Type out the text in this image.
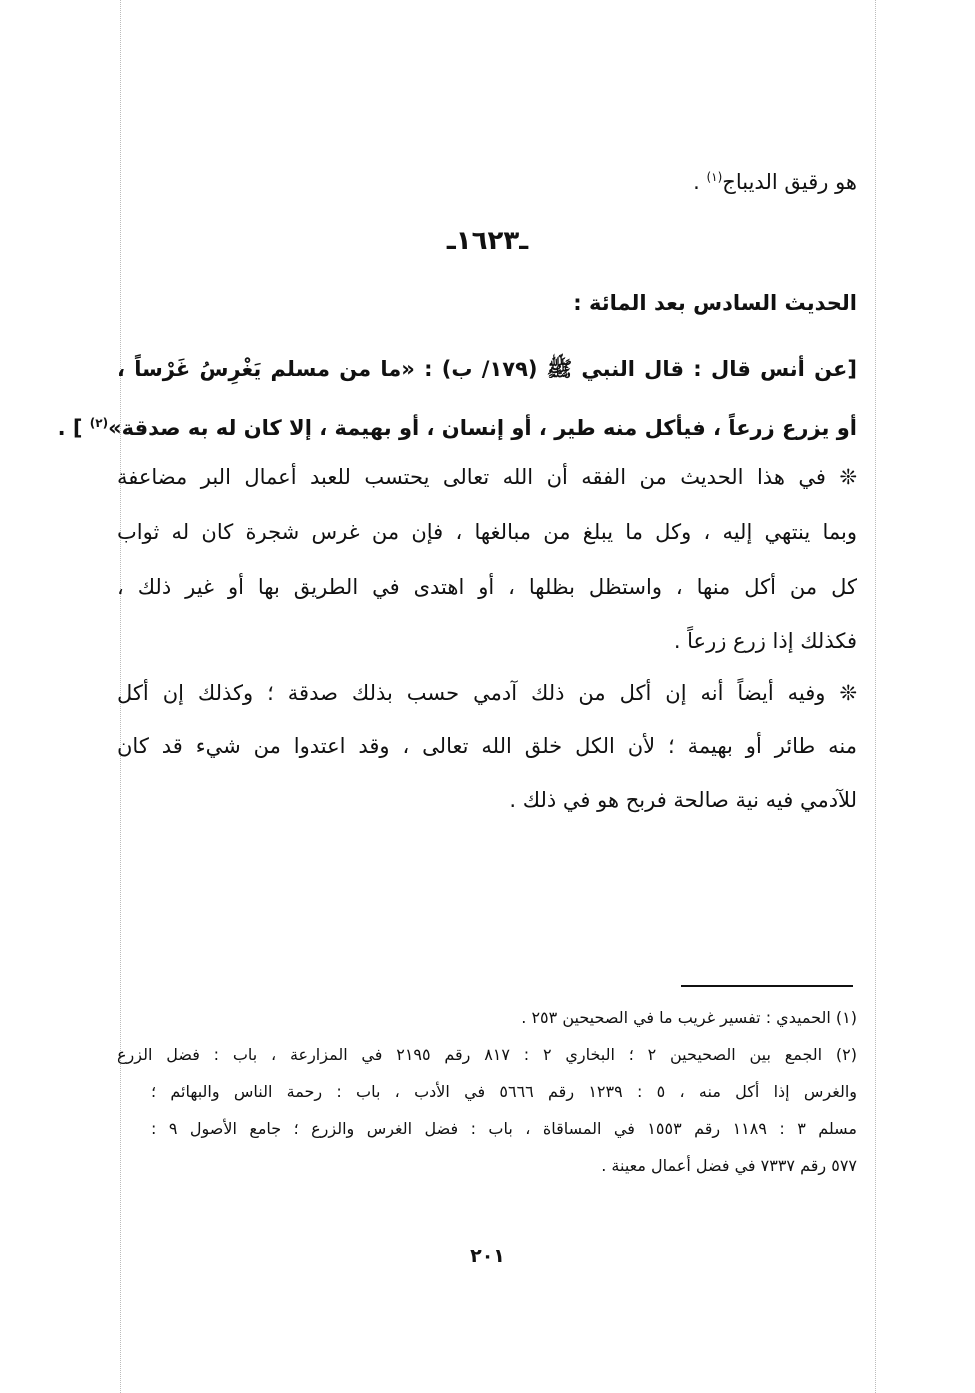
هو رقيق الديباج$^{(١)}$ .
ـ١٦٢٣ـ
الحديث السادس بعد المائة :
[عن أنس قال : قال النبي ﷺ (١٧٩/ ب) : «ما من مسلم يَغْرِسُ غَرْساً ،
أو يزرع زرعاً ، فيأكل منه طير ، أو إنسان ، أو بهيمة ، إلا كان له به صدقة»$^{(٢)}$ ] .
❊ في هذا الحديث من الفقه أن الله تعالى يحتسب للعبد أعمال البر مضاعفة
وبما ينتهي إليه ، وكل ما يبلغ من مبالغها ، فإن من غرس شجرة كان له ثواب
كل من أكل منها ، واستظل بظلها ، أو اهتدى في الطريق بها أو غير ذلك ،
فكذلك إذا زرع زرعاً .
❊ وفيه أيضاً أنه إن أكل من ذلك آدمي حسب بذلك صدقة ؛ وكذلك إن أكل
منه طائر أو بهيمة ؛ لأن الكل خلق الله تعالى ، وقد اعتدوا من شيء قد كان
للآدمي فيه نية صالحة فربح هو في ذلك .
(١) الحميدي : تفسير غريب ما في الصحيحين ٢٥٣ .
(٢) الجمع بين الصحيحين ٢ ؛ البخاري ٢ : ٨١٧ رقم ٢١٩٥ في المزارعة ، باب : فضل الزرع
والغرس إذا أكل منه ، ٥ : ١٢٣٩ رقم ٥٦٦٦ في الأدب ، باب : رحمة الناس والبهائم ؛
مسلم ٣ : ١١٨٩ رقم ١٥٥٣ في المساقاة ، باب : فضل الغرس والزرع ؛ جامع الأصول ٩ :
٥٧٧ رقم ٧٣٣٧ في فضل أعمال معينة .
٢٠١
